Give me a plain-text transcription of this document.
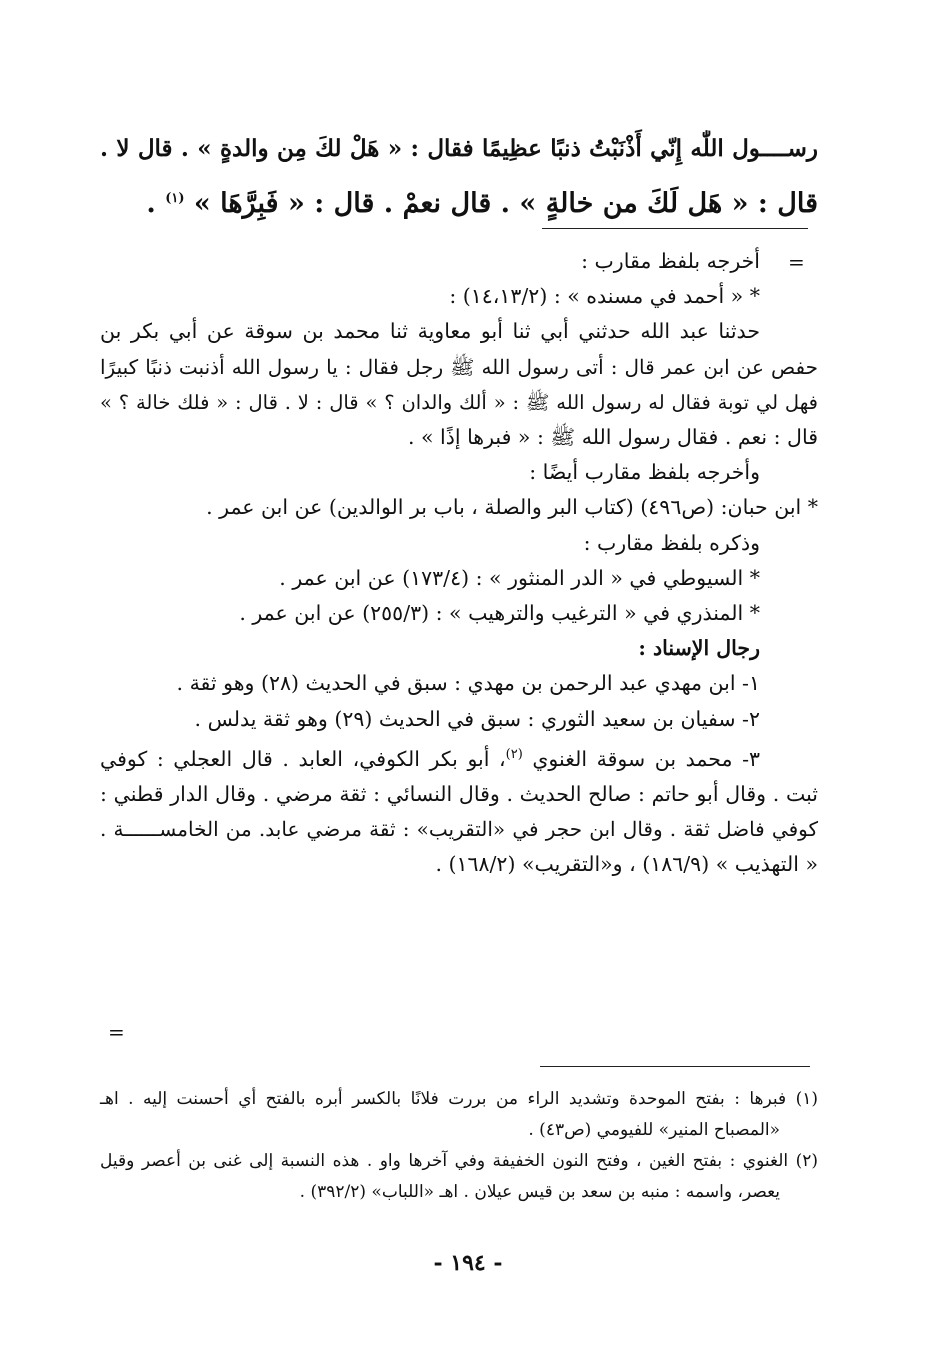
رســــول اللّٰه إِنّي أَذْنَبْتُ ذنبًا عظِيمًا فقال : « هَلْ لكَ مِن والدةٍ » . قال لا .
قال : « هَل لَكَ من خالةٍ » . قال نعمْ . قال : « فَبِرَّهَا » $^{(١)}$ .
=
أخرجه بلفظ مقارب :
* « أحمد في مسنده » : (١٤،١٣/٢) :
حدثنا عبد الله حدثني أبي ثنا أبو معاوية ثنا محمد بن سوقة عن أبي بكر بن
حفص عن ابن عمر قال : أتى رسول الله ﷺ رجل فقال : يا رسول الله أذنبت ذنبًا كبيرًا
فهل لي توبة فقال له رسول الله ﷺ : « ألك والدان ؟ » قال : لا . قال : « فلك خالة ؟ »
قال : نعم . فقال رسول الله ﷺ : « فبرها إذًا » .
وأخرجه بلفظ مقارب أيضًا :
* ابن حبان: (ص٤٩٦) (كتاب البر والصلة ، باب بر الوالدين) عن ابن عمر .
وذكره بلفظ مقارب :
* السيوطي في « الدر المنثور » : (١٧٣/٤) عن ابن عمر .
* المنذري في « الترغيب والترهيب » : (٢٥٥/٣) عن ابن عمر .
رجال الإسناد :
١- ابن مهدي عبد الرحمن بن مهدي : سبق في الحديث (٢٨) وهو ثقة .
٢- سفيان بن سعيد الثوري : سبق في الحديث (٢٩) وهو ثقة يدلس .
٣- محمد بن سوقة الغنوي $^{(٢)}$، أبو بكر الكوفي، العابد . قال العجلي : كوفي
ثبت . وقال أبو حاتم : صالح الحديث . وقال النسائي : ثقة مرضي . وقال الدار قطني :
كوفي فاضل ثقة . وقال ابن حجر في «التقريب» : ثقة مرضي عابد. من الخامســــــة .
« التهذيب » (١٨٦/٩) ، و«التقريب» (١٦٨/٢) .
=
(١) فبرها : بفتح الموحدة وتشديد الراء من بررت فلانًا بالكسر أبره بالفتح أي أحسنت إليه . اهـ
«المصباح المنير» للفيومي (ص٤٣) .
(٢) الغنوي : بفتح الغين ، وفتح النون الخفيفة وفي آخرها واو . هذه النسبة إلى غنى بن أعصر وقيل
يعصر، واسمه : منبه بن سعد بن قيس عيلان . اهـ «اللباب» (٣٩٢/٢) .
- ١٩٤ -
